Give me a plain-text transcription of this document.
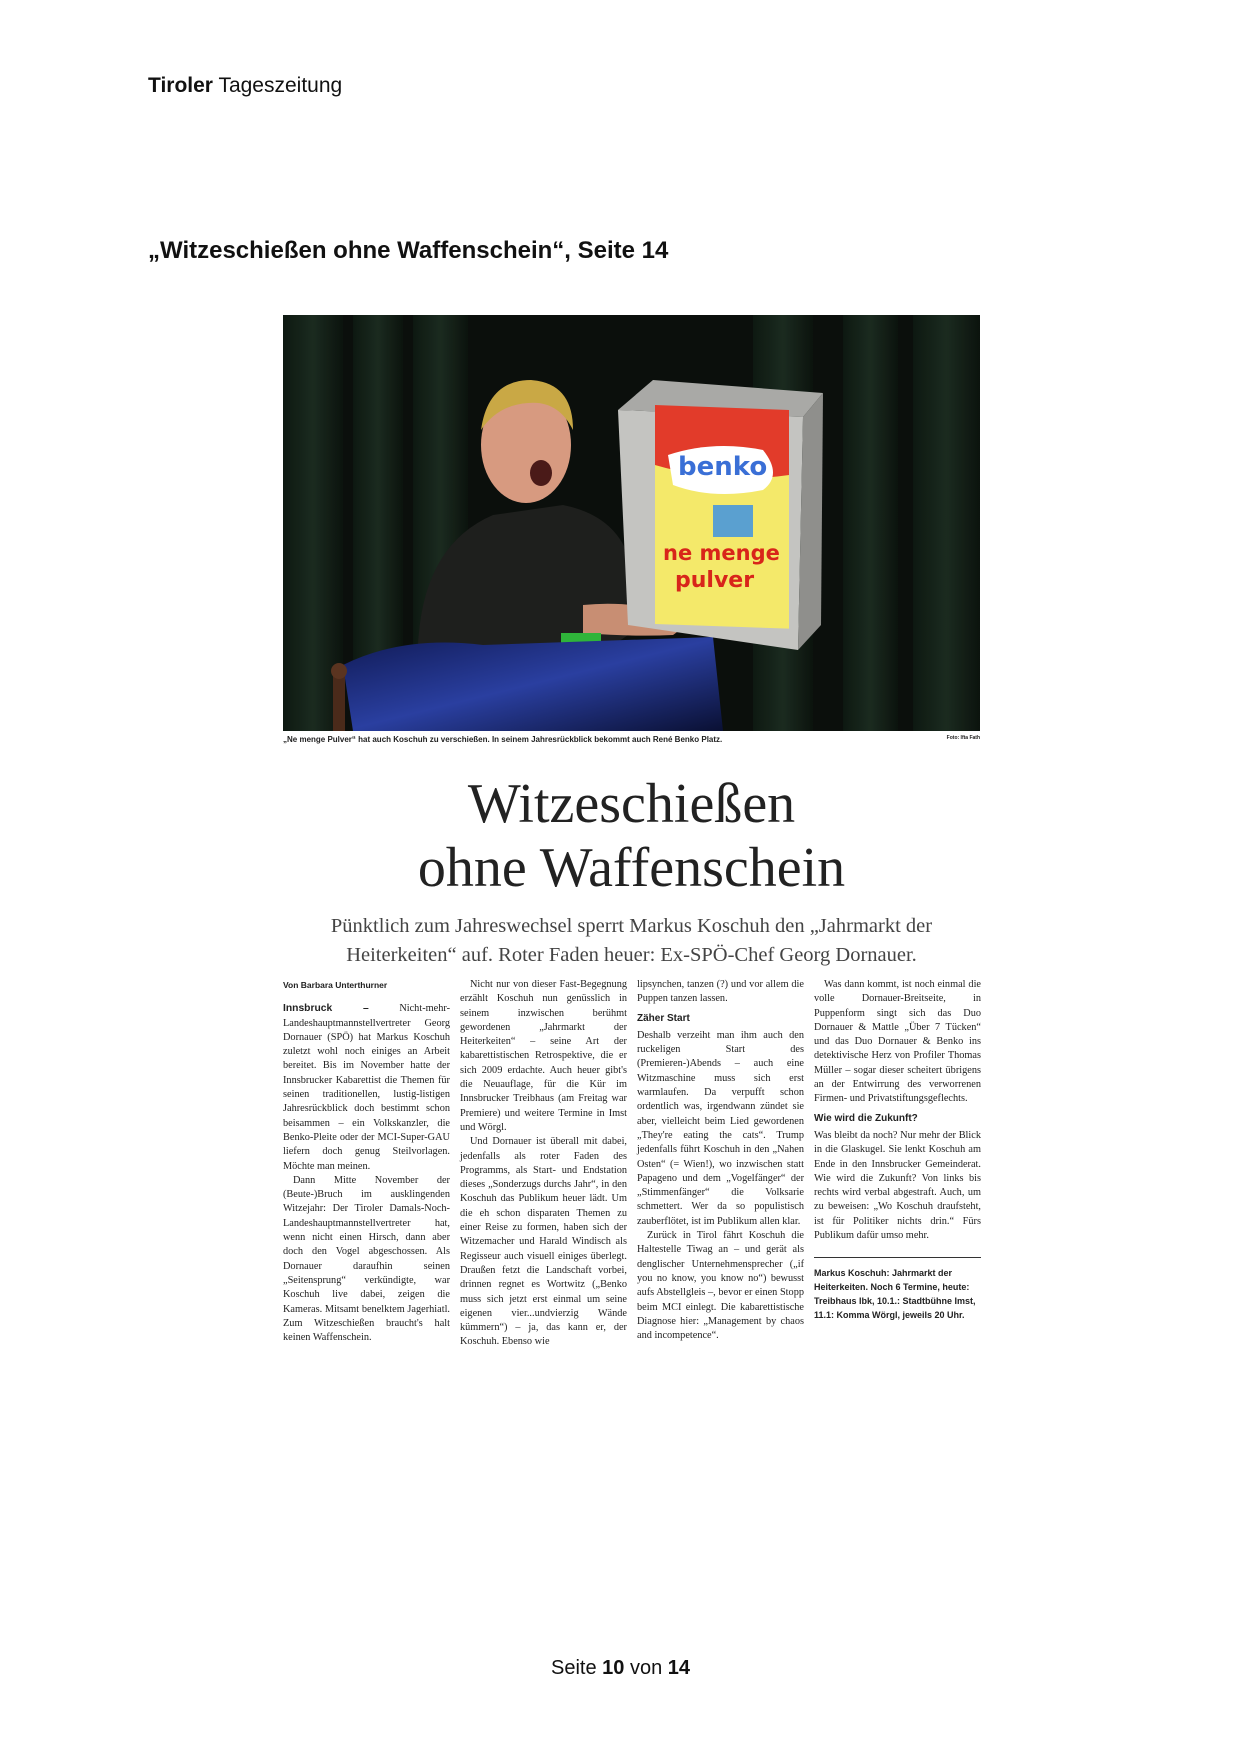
Tiroler Tageszeitung
„Witzeschießen ohne Waffenschein“, Seite 14
benko
ne menge
pulver
„Ne menge Pulver“ hat auch Koschuh zu verschießen. In seinem Jahresrückblick bekommt auch René Benko Platz.	Foto: Ifta Fath
Witzeschießen
ohne Waffenschein
Pünktlich zum Jahreswechsel sperrt Markus Koschuh den „Jahrmarkt der Heiterkeiten“ auf. Roter Faden heuer: Ex-SPÖ-Chef Georg Dornauer.

Von Barbara Unterthurner

Innsbruck –	Nicht-mehr-Landeshauptmannstellvertreter Georg Dornauer (SPÖ) hat Markus Koschuh zuletzt wohl noch einiges an Arbeit bereitet. Bis im November hatte der Innsbrucker Kabarettist die Themen für seinen traditionellen, lustig-listigen Jahresrückblick doch bestimmt schon beisammen – ein Volkskanzler, die Benko-Pleite oder der MCI-Super-GAU liefern doch genug Steilvorlagen. Möchte man meinen.

Dann Mitte November der (Beute-)Bruch im ausklingenden Witzejahr: Der Tiroler Damals-Noch-Landeshauptmannstellvertreter hat, wenn nicht einen Hirsch, dann aber doch den Vogel abgeschossen. Als Dornauer daraufhin seinen „Seitensprung“ verkündigte, war Koschuh live dabei, zeigen die Kameras. Mitsamt benelktem Jagerhiatl. Zum Witzeschießen braucht's halt keinen Waffenschein.

Nicht nur von dieser Fast-Begegnung erzählt Koschuh nun genüsslich in seinem inzwischen berühmt gewordenen „Jahrmarkt der Heiterkeiten“ – seine Art der kabarettistischen Retrospektive, die er sich 2009 erdachte. Auch heuer gibt's die Neuauflage, für die Kür im Innsbrucker Treibhaus (am Freitag war Premiere) und weitere Termine in Imst und Wörgl.

Und Dornauer ist überall mit dabei, jedenfalls als roter Faden des Programms, als Start- und Endstation dieses „Sonderzugs durchs Jahr“, in den Koschuh das Publikum heuer lädt. Um die eh schon disparaten Themen zu einer Reise zu formen, haben sich der Witzemacher und Harald Windisch als Regisseur auch visuell einiges überlegt. Draußen fetzt die Landschaft vorbei, drinnen regnet es Wortwitz („Benko muss sich jetzt erst einmal um seine eigenen vier...undvierzig Wände kümmern“) – ja, das kann er, der Koschuh. Ebenso wie

lipsynchen, tanzen (?) und vor allem die Puppen tanzen lassen.

Zäher Start

Deshalb verzeiht man ihm auch den ruckeligen Start des (Premieren-)Abends – auch eine Witzmaschine muss sich erst warmlaufen. Da verpufft schon ordentlich was, irgendwann zündet sie aber, vielleicht beim Lied gewordenen „They're eating the cats“. Trump jedenfalls führt Koschuh in den „Nahen Osten“ (= Wien!), wo inzwischen statt Papageno und dem „Vogelfänger“ der „Stimmenfänger“ die Volksarie schmettert. Wer da so populistisch zauberflötet, ist im Publikum allen klar.

Zurück in Tirol fährt Koschuh die Haltestelle Tiwag an – und gerät als denglischer Unternehmensprecher („if you no know, you know no“) bewusst aufs Abstellgleis –, bevor er einen Stopp beim MCI einlegt. Die kabarettistische Diagnose hier: „Management by chaos and incompetence“.

Was dann kommt, ist noch einmal die volle Dornauer-Breitseite, in Puppenform singt sich das Duo Dornauer & Mattle „Über 7 Tücken“ und das Duo Dornauer & Benko ins detektivische Herz von Profiler Thomas Müller – sogar dieser scheitert übrigens an der Entwirrung des verworrenen Firmen- und Privatstiftungsgeflechts.

Wie wird die Zukunft?

Was bleibt da noch? Nur mehr der Blick in die Glaskugel. Sie lenkt Koschuh am Ende in den Innsbrucker Gemeinderat. Wie wird die Zukunft? Von links bis rechts wird verbal abgestraft. Auch, um zu beweisen: „Wo Koschuh draufsteht, ist für Politiker nichts drin.“ Fürs Publikum dafür umso mehr.

Markus Koschuh: Jahrmarkt der Heiterkeiten. Noch 6 Termine, heute: Treibhaus Ibk, 10.1.: Stadtbühne Imst, 11.1: Komma Wörgl, jeweils 20 Uhr.

Seite 10 von 14
